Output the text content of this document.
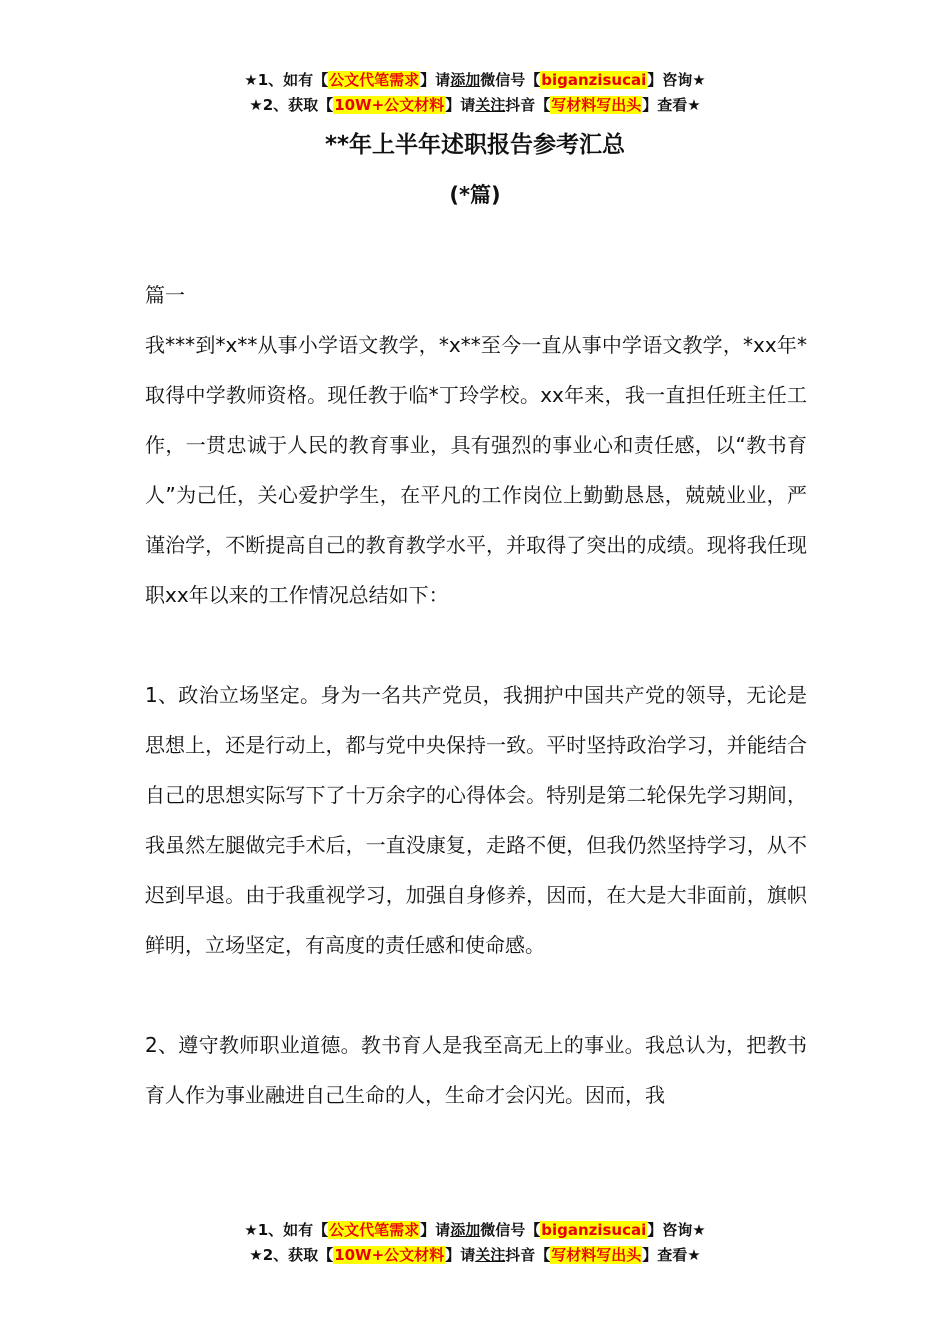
★1、如有【公文代笔需求】请添加微信号【biganzisucai】咨询★
★2、获取【10W+公文材料】请关注抖音【写材料写出头】查看★
**年上半年述职报告参考汇总
(*篇)

篇一

我***到*x**从事小学语文教学，*x**至今一直从事中学语文教学，*xx年*取得中学教师资格。现任教于临*丁玲学校。xx年来，我一直担任班主任工作，一贯忠诚于人民的教育事业，具有强烈的事业心和责任感，以“教书育人”为己任，关心爱护学生，在平凡的工作岗位上勤勤恳恳，兢兢业业，严谨治学，不断提高自己的教育教学水平，并取得了突出的成绩。现将我任现职xx年以来的工作情况总结如下：

1、政治立场坚定。身为一名共产党员，我拥护中国共产党的领导，无论是思想上，还是行动上，都与党中央保持一致。平时坚持政治学习，并能结合自己的思想实际写下了十万余字的心得体会。特别是第二轮保先学习期间，我虽然左腿做完手术后，一直没康复，走路不便，但我仍然坚持学习，从不迟到早退。由于我重视学习，加强自身修养，因而，在大是大非面前，旗帜鲜明，立场坚定，有高度的责任感和使命感。

2、遵守教师职业道德。教书育人是我至高无上的事业。我总认为，把教书育人作为事业融进自己生命的人，生命才会闪光。因而，我

★1、如有【公文代笔需求】请添加微信号【biganzisucai】咨询★
★2、获取【10W+公文材料】请关注抖音【写材料写出头】查看★
